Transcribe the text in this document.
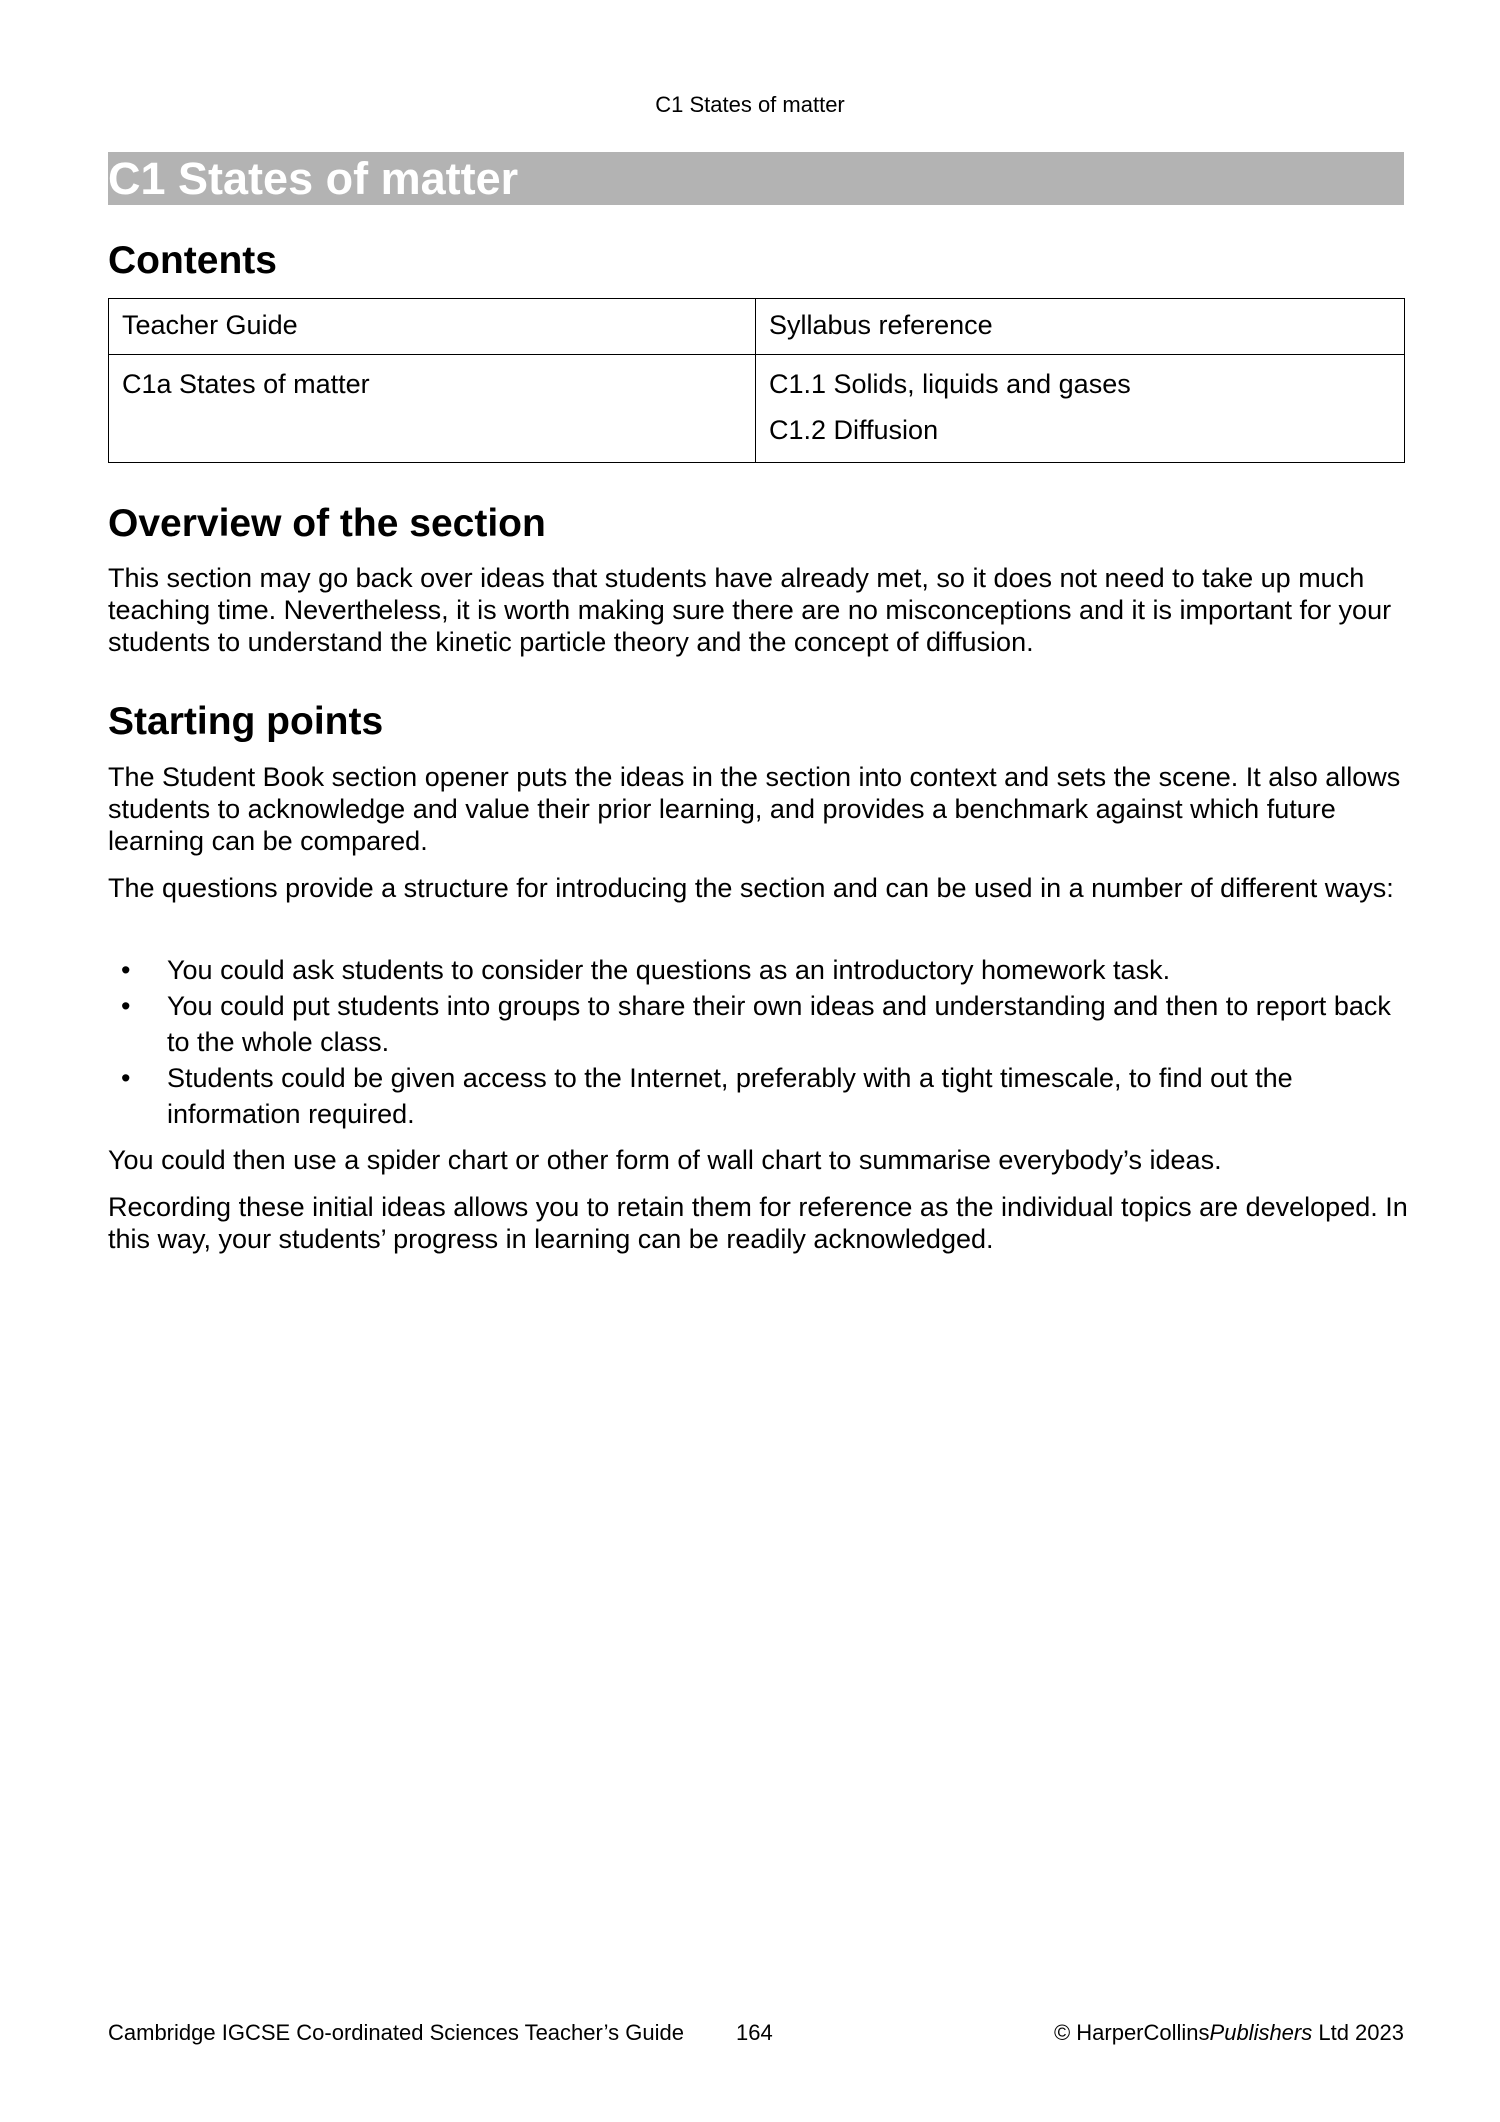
C1 States of matter
C1 States of matter
Contents
Teacher Guide	Syllabus reference

C1a States of matter	C1.1 Solids, liquids and gases
C1.2 Diffusion
Overview of the section

This section may go back over ideas that students have already met, so it does not need to take up much teaching time. Nevertheless, it is worth making sure there are no misconceptions and it is important for your students to understand the kinetic particle theory and the concept of diffusion.

Starting points

The Student Book section opener puts the ideas in the section into context and sets the scene. It also allows students to acknowledge and value their prior learning, and provides a benchmark against which future learning can be compared.

The questions provide a structure for introducing the section and can be used in a number of different ways:

• You could ask students to consider the questions as an introductory homework task.
• You could put students into groups to share their own ideas and understanding and then to report back to the whole class.
• Students could be given access to the Internet, preferably with a tight timescale, to find out the information required.

You could then use a spider chart or other form of wall chart to summarise everybody’s ideas.

Recording these initial ideas allows you to retain them for reference as the individual topics are developed. In this way, your students’ progress in learning can be readily acknowledged.

Cambridge IGCSE Co-ordinated Sciences Teacher’s Guide 164	© HarperCollinsPublishers Ltd 2023
